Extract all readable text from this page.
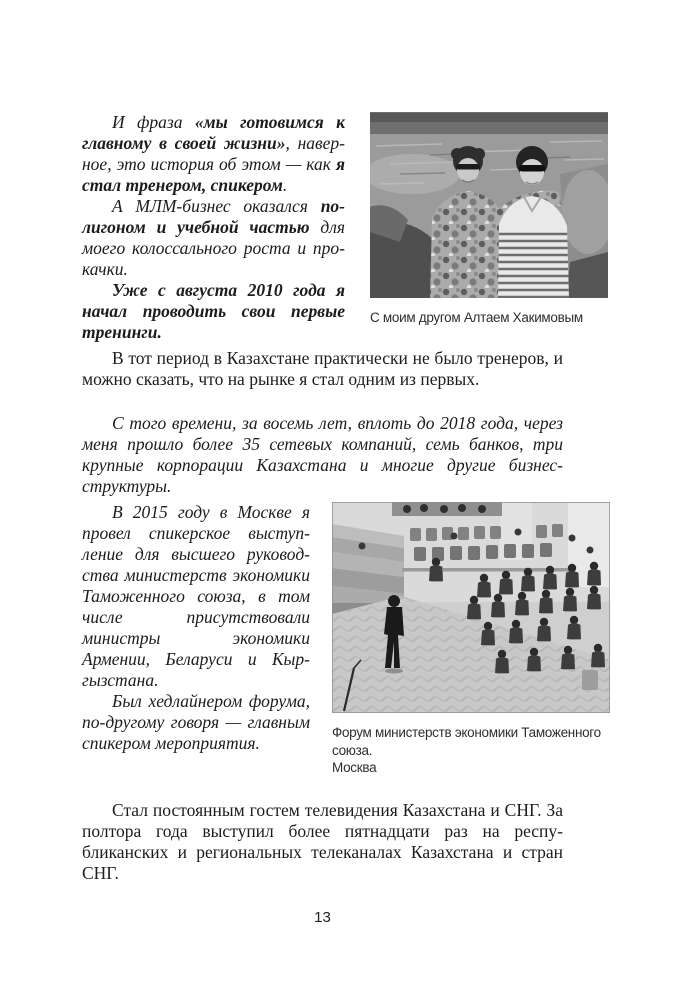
И фраза «мы готовимся к главному в своей жизни», наверное, это история об этом — как я стал тренером, спикером.

А МЛМ-бизнес оказался полигоном и учебной частью для моего колоссального роста и прокачки.

Уже с августа 2010 года я начал проводить свои первые тренинги.

С моим другом Алтаем Хакимовым

В тот период в Казахстане практически не было тренеров, и можно сказать, что на рынке я стал одним из первых.

С того времени, за восемь лет, вплоть до 2018 года, через меня прошло более 35 сетевых компаний, семь банков, три крупные корпорации Казахстана и многие другие бизнес-структуры.

В 2015 году в Москве я провел спикерское выступление для высшего руководства министерств экономики Таможенного союза, в том числе присутствовали министры экономики Армении, Беларуси и Кыргызстана.

Был хедлайнером форума, по-другому говоря — главным спикером мероприятия.

Форум министерств экономики Таможенного союза.
Москва

Стал постоянным гостем телевидения Казахстана и СНГ. За полтора года выступил более пятнадцати раз на республиканских и региональных телеканалах Казахстана и стран СНГ.

13
